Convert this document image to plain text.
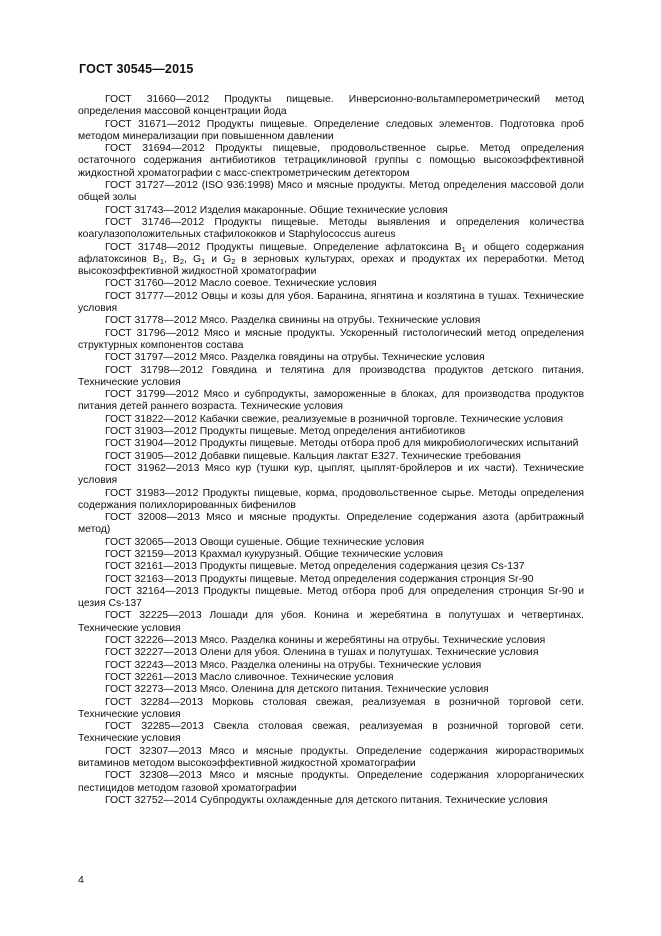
ГОСТ 30545—2015

ГОСТ 31660—2012 Продукты пищевые. Инверсионно-вольтамперометрический метод определения массовой концентрации йода

ГОСТ 31671—2012 Продукты пищевые. Определение следовых элементов. Подготовка проб методом минерализации при повышенном давлении

ГОСТ 31694—2012 Продукты пищевые, продовольственное сырье. Метод определения остаточного содержания антибиотиков тетрациклиновой группы с помощью высокоэффективной жидкостной хроматографии с масс-спектрометрическим детектором

ГОСТ 31727—2012 (ISO 936:1998) Мясо и мясные продукты. Метод определения массовой доли общей золы

ГОСТ 31743—2012 Изделия макаронные. Общие технические условия

ГОСТ 31746—2012 Продукты пищевые. Методы выявления и определения количества коагулазоположительных стафилококков и Staphylococcus aureus

ГОСТ 31748—2012 Продукты пищевые. Определение афлатоксина $B_1$ и общего содержания афлатоксинов $B_1$, $B_2$, $G_1$ и $G_2$ в зерновых культурах, орехах и продуктах их переработки. Метод высокоэффективной жидкостной хроматографии

ГОСТ 31760—2012 Масло соевое. Технические условия

ГОСТ 31777—2012 Овцы и козы для убоя. Баранина, ягнятина и козлятина в тушах. Технические условия

ГОСТ 31778—2012 Мясо. Разделка свинины на отрубы. Технические условия

ГОСТ 31796—2012 Мясо и мясные продукты. Ускоренный гистологический метод определения структурных компонентов состава

ГОСТ 31797—2012 Мясо. Разделка говядины на отрубы. Технические условия

ГОСТ 31798—2012 Говядина и телятина для производства продуктов детского питания. Технические условия

ГОСТ 31799—2012 Мясо и субпродукты, замороженные в блоках, для производства продуктов питания детей раннего возраста. Технические условия

ГОСТ 31822—2012 Кабачки свежие, реализуемые в розничной торговле. Технические условия

ГОСТ 31903—2012 Продукты пищевые. Метод определения антибиотиков

ГОСТ 31904—2012 Продукты пищевые. Методы отбора проб для микробиологических испытаний

ГОСТ 31905—2012 Добавки пищевые. Кальция лактат E327. Технические требования

ГОСТ 31962—2013 Мясо кур (тушки кур, цыплят, цыплят-бройлеров и их части). Технические условия

ГОСТ 31983—2012 Продукты пищевые, корма, продовольственное сырье. Методы определения содержания полихлорированных бифенилов

ГОСТ 32008—2013 Мясо и мясные продукты. Определение содержания азота (арбитражный метод)

ГОСТ 32065—2013 Овощи сушеные. Общие технические условия

ГОСТ 32159—2013 Крахмал кукурузный. Общие технические условия

ГОСТ 32161—2013 Продукты пищевые. Метод определения содержания цезия Cs-137

ГОСТ 32163—2013 Продукты пищевые. Метод определения содержания стронция Sr-90

ГОСТ 32164—2013 Продукты пищевые. Метод отбора проб для определения стронция Sr-90 и цезия Cs-137

ГОСТ 32225—2013 Лошади для убоя. Конина и жеребятина в полутушах и четвертинах. Технические условия

ГОСТ 32226—2013 Мясо. Разделка конины и жеребятины на отрубы. Технические условия

ГОСТ 32227—2013 Олени для убоя. Оленина в тушах и полутушах. Технические условия

ГОСТ 32243—2013 Мясо. Разделка оленины на отрубы. Технические условия

ГОСТ 32261—2013 Масло сливочное. Технические условия

ГОСТ 32273—2013 Мясо. Оленина для детского питания. Технические условия

ГОСТ 32284—2013 Морковь столовая свежая, реализуемая в розничной торговой сети. Технические условия

ГОСТ 32285—2013 Свекла столовая свежая, реализуемая в розничной торговой сети. Технические условия

ГОСТ 32307—2013 Мясо и мясные продукты. Определение содержания жирорастворимых витаминов методом высокоэффективной жидкостной хроматографии

ГОСТ 32308—2013 Мясо и мясные продукты. Определение содержания хлорорганических пестицидов методом газовой хроматографии

ГОСТ 32752—2014 Субпродукты охлажденные для детского питания. Технические условия

4
